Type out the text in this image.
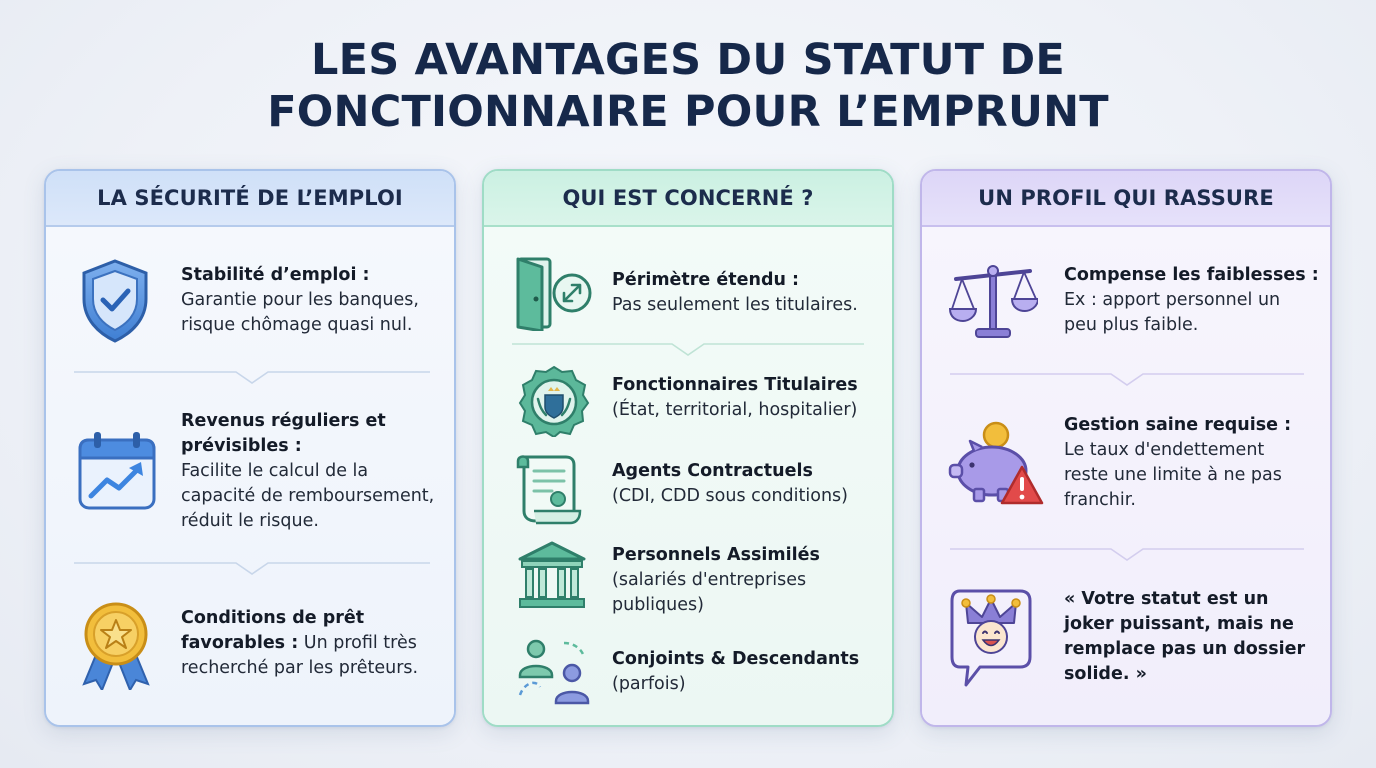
LES AVANTAGES DU STATUT DE
FONCTIONNAIRE POUR L’EMPRUNT
LA SÉCURITÉ DE L’EMPLOI
Stabilité d’emploi :
Garantie pour les banques,
risque chômage quasi nul.
Revenus réguliers et
prévisibles :
Facilite le calcul de la
capacité de remboursement,
réduit le risque.
Conditions de prêt
favorables : Un profil très
recherché par les prêteurs.
QUI EST CONCERNÉ ?
Périmètre étendu :
Pas seulement les titulaires.
Fonctionnaires Titulaires
(État, territorial, hospitalier)
Agents Contractuels
(CDI, CDD sous conditions)
Personnels Assimilés
(salariés d'entreprises
publiques)
Conjoints & Descendants
(parfois)
UN PROFIL QUI RASSURE
Compense les faiblesses :
Ex : apport personnel un
peu plus faible.
Gestion saine requise :
Le taux d'endettement
reste une limite à ne pas
franchir.
« Votre statut est un
joker puissant, mais ne
remplace pas un dossier
solide. »
